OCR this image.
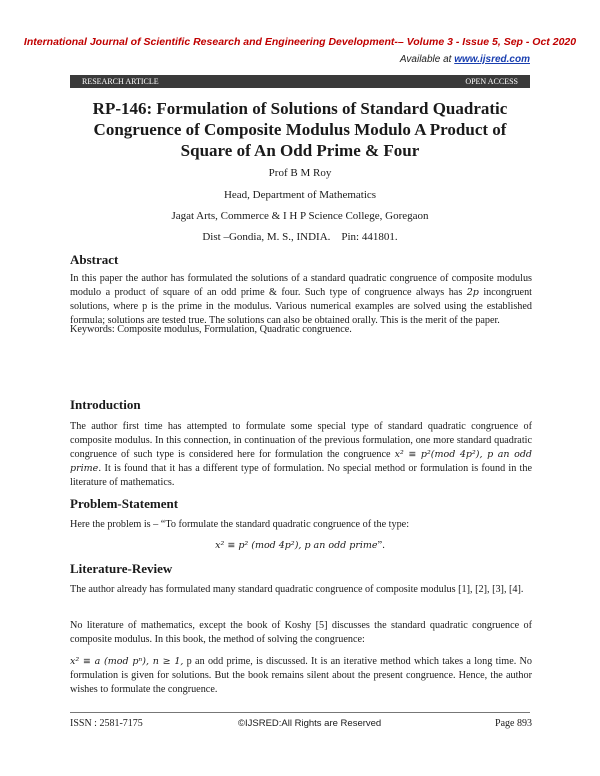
International Journal of Scientific Research and Engineering Development-– Volume 3 - Issue 5, Sep - Oct 2020
Available at www.ijsred.com
RESEARCH ARTICLE	OPEN ACCESS
RP-146: Formulation of Solutions of Standard Quadratic Congruence of Composite Modulus Modulo A Product of Square of An Odd Prime & Four
Prof B M Roy
Head, Department of Mathematics
Jagat Arts, Commerce & I H P Science College, Goregaon
Dist –Gondia, M. S., INDIA.    Pin: 441801.
Abstract
In this paper the author has formulated the solutions of a standard quadratic congruence of composite modulus modulo a product of square of an odd prime & four. Such type of congruence always has 2p incongruent solutions, where p is the prime in the modulus. Various numerical examples are solved using the established formula; solutions are tested true. The solutions can also be obtained orally. This is the merit of the paper.
Keywords: Composite modulus, Formulation, Quadratic congruence.
Introduction
The author first time has attempted to formulate some special type of standard quadratic congruence of composite modulus. In this connection, in continuation of the previous formulation, one more standard quadratic congruence of such type is considered here for formulation the congruence x² ≡ p²(mod 4p²), p an odd prime. It is found that it has a different type of formulation. No special method or formulation is found in the literature of mathematics.
Problem-Statement
Here the problem is – “To formulate the standard quadratic congruence of the type:
x² ≡ p² (mod 4p²), p an odd prime”.
Literature-Review
The author already has formulated many standard quadratic congruence of composite modulus [1], [2], [3], [4].
No literature of mathematics, except the book of Koshy [5] discusses the standard quadratic congruence of composite modulus. In this book, the method of solving the congruence:
x² ≡ a (mod pⁿ), n ≥ 1, p an odd prime, is discussed. It is an iterative method which takes a long time. No formulation is given for solutions. But the book remains silent about the present congruence. Hence, the author wishes to formulate the congruence.
ISSN : 2581-7175	©IJSRED:All Rights are Reserved	Page 893
